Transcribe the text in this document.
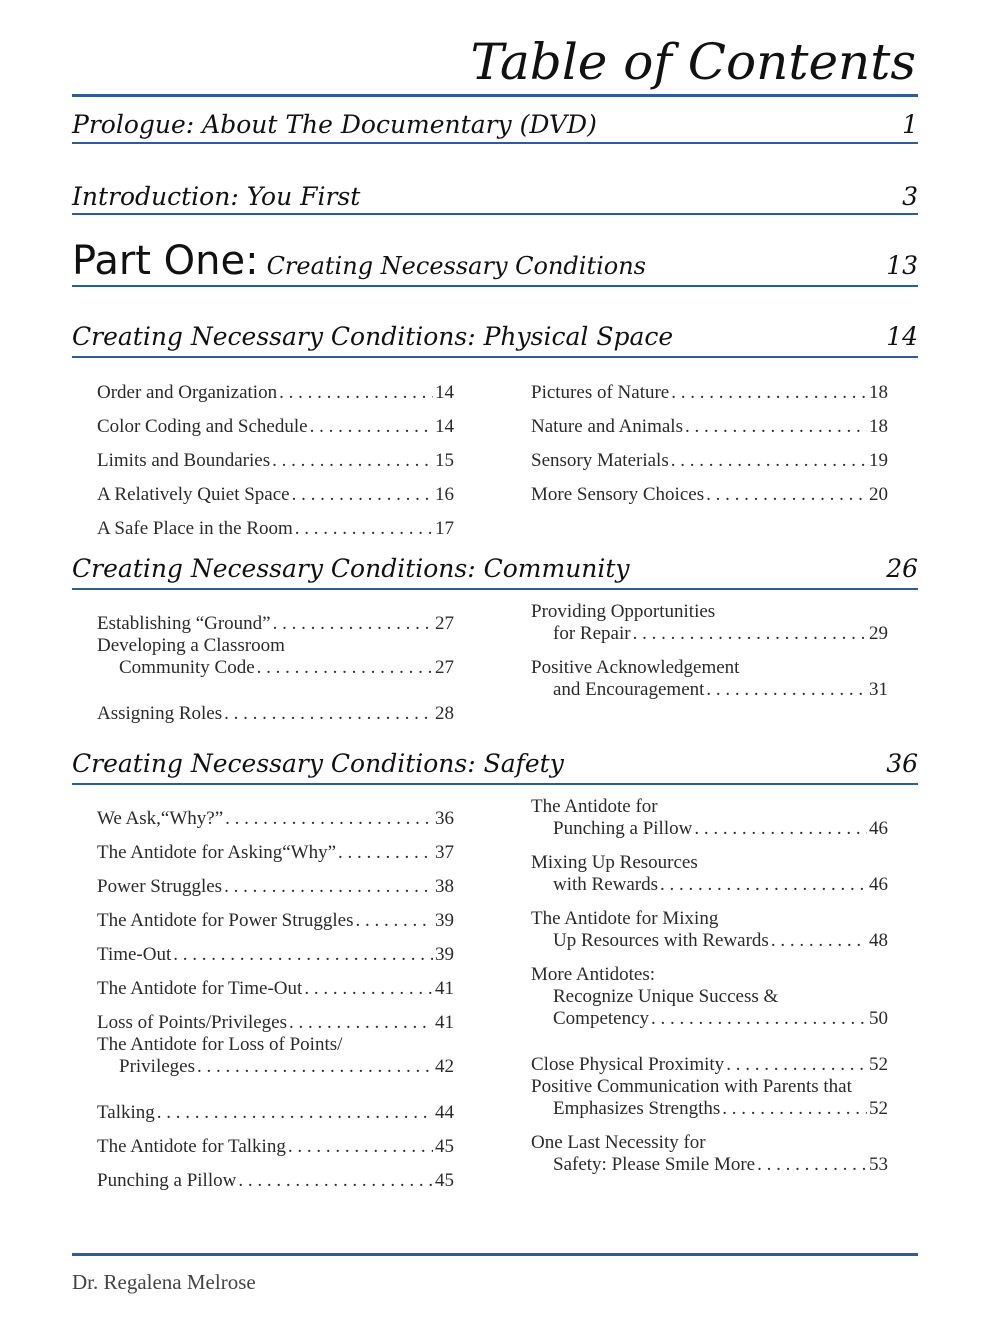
Table of Contents
Prologue: About The Documentary (DVD)	1
Introduction: You First	3
Part One: Creating Necessary Conditions	13
Creating Necessary Conditions: Physical Space	14
Order and Organization . . .	14
Color Coding and Schedule . . .	14
Limits and Boundaries . . .	15
A Relatively Quiet Space . . .	16
A Safe Place in the Room . . .	17
Pictures of Nature . . .	18
Nature and Animals . . .	18
Sensory Materials . . .	19
More Sensory Choices . . .	20
Creating Necessary Conditions: Community	26
Establishing “Ground” . . .	27
Developing a Classroom
Community Code . . .	27
Assigning Roles . . .	28
Providing Opportunities
for Repair . . .	29
Positive Acknowledgement
and Encouragement . . .	31
Creating Necessary Conditions: Safety	36
We Ask,“Why?” . . .	36
The Antidote for Asking“Why” . . .	37
Power Struggles . . .	38
The Antidote for Power Struggles . . .	39
Time-Out . . .	39
The Antidote for Time-Out . . .	41
Loss of Points/Privileges . . .	41
The Antidote for Loss of Points/
Privileges . . .	42
Talking . . .	44
The Antidote for Talking . . .	45
Punching a Pillow . . .	45
The Antidote for
Punching a Pillow . . .	46
Mixing Up Resources
with Rewards . . .	46
The Antidote for Mixing
Up Resources with Rewards . . .	48
More Antidotes:
Recognize Unique Success &
Competency . . .	50
Close Physical Proximity . . .	52
Positive Communication with Parents that
Emphasizes Strengths . . .	52
One Last Necessity for
Safety: Please Smile More . . .	53
Dr. Regalena Melrose
